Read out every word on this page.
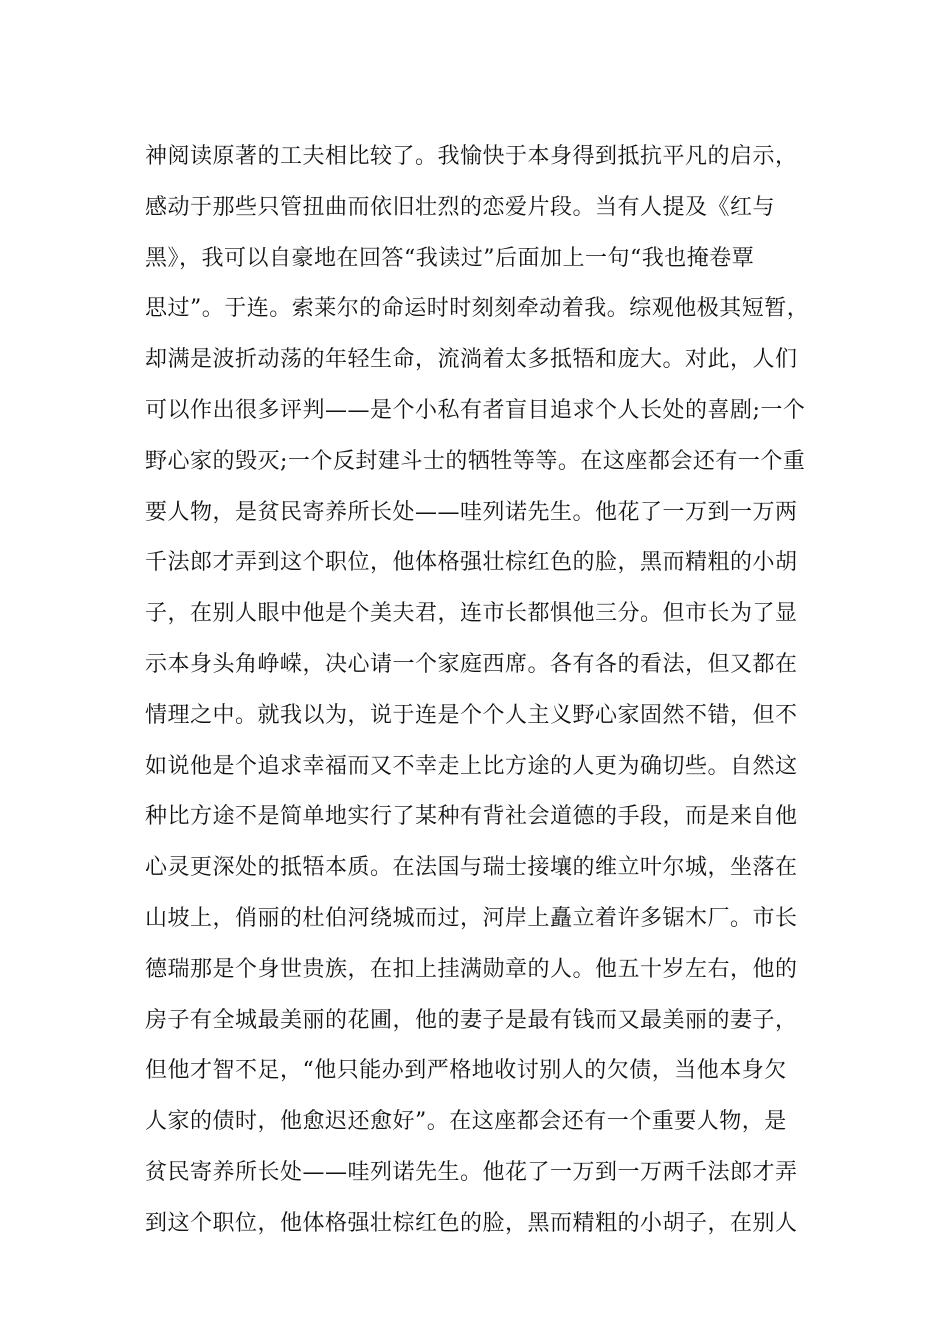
神阅读原著的工夫相比较了。我愉快于本身得到抵抗平凡的启示，
感动于那些只管扭曲而依旧壮烈的恋爱片段。当有人提及《红与
黑》，我可以自豪地在回答“我读过”后面加上一句“我也掩卷覃
思过”。于连。索莱尔的命运时时刻刻牵动着我。综观他极其短暂，
却满是波折动荡的年轻生命，流淌着太多抵牾和庞大。对此，人们
可以作出很多评判——是个小私有者盲目追求个人长处的喜剧;一个
野心家的毁灭;一个反封建斗士的牺牲等等。在这座都会还有一个重
要人物，是贫民寄养所长处——哇列诺先生。他花了一万到一万两
千法郎才弄到这个职位，他体格强壮棕红色的脸，黑而精粗的小胡
子，在别人眼中他是个美夫君，连市长都惧他三分。但市长为了显
示本身头角峥嵘，决心请一个家庭西席。各有各的看法，但又都在
情理之中。就我以为，说于连是个个人主义野心家固然不错，但不
如说他是个追求幸福而又不幸走上比方途的人更为确切些。自然这
种比方途不是简单地实行了某种有背社会道德的手段，而是来自他
心灵更深处的抵牾本质。在法国与瑞士接壤的维立叶尔城，坐落在
山坡上，俏丽的杜伯河绕城而过，河岸上矗立着许多锯木厂。市长
德瑞那是个身世贵族，在扣上挂满勋章的人。他五十岁左右，他的
房子有全城最美丽的花圃，他的妻子是最有钱而又最美丽的妻子，
但他才智不足，“他只能办到严格地收讨别人的欠债，当他本身欠
人家的债时，他愈迟还愈好”。在这座都会还有一个重要人物，是
贫民寄养所长处——哇列诺先生。他花了一万到一万两千法郎才弄
到这个职位，他体格强壮棕红色的脸，黑而精粗的小胡子，在别人
